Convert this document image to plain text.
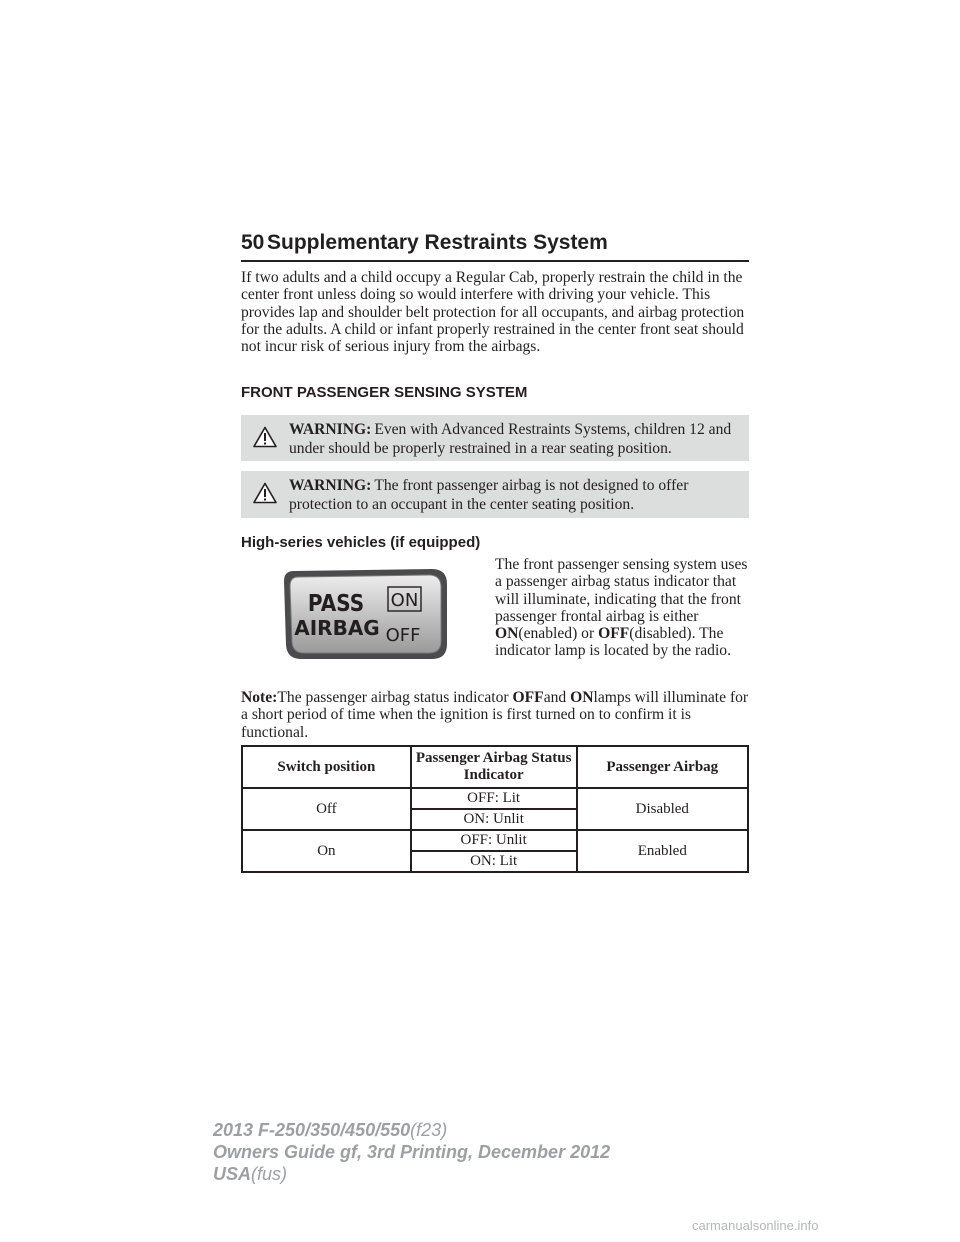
50 Supplementary Restraints System

If two adults and a child occupy a Regular Cab, properly restrain the child in the center front unless doing so would interfere with driving your vehicle. This provides lap and shoulder belt protection for all occupants, and airbag protection for the adults. A child or infant properly restrained in the center front seat should not incur risk of serious injury from the airbags.

FRONT PASSENGER SENSING SYSTEM
WARNING: Even with Advanced Restraints Systems, children 12 and under should be properly restrained in a rear seating position.
WARNING: The front passenger airbag is not designed to offer protection to an occupant in the center seating position.
High-series vehicles (if equipped)
PASS
AIRBAG
ON
OFF

The front passenger sensing system uses a passenger airbag status indicator that will illuminate, indicating that the front passenger frontal airbag is either ON(enabled) or OFF(disabled). The indicator lamp is located by the radio.

Note:The passenger airbag status indicator OFFand ONlamps will illuminate for a short period of time when the ignition is first turned on to confirm it is functional.

Switch position	Passenger Airbag Status Indicator	Passenger Airbag
Off	OFF: Lit	Disabled
	ON: Unlit	
On	OFF: Unlit	Enabled
	ON: Lit	
2013 F-250/350/450/550(f23)
Owners Guide gf, 3rd Printing, December 2012
USA(fus)
carmanualsonline.info
